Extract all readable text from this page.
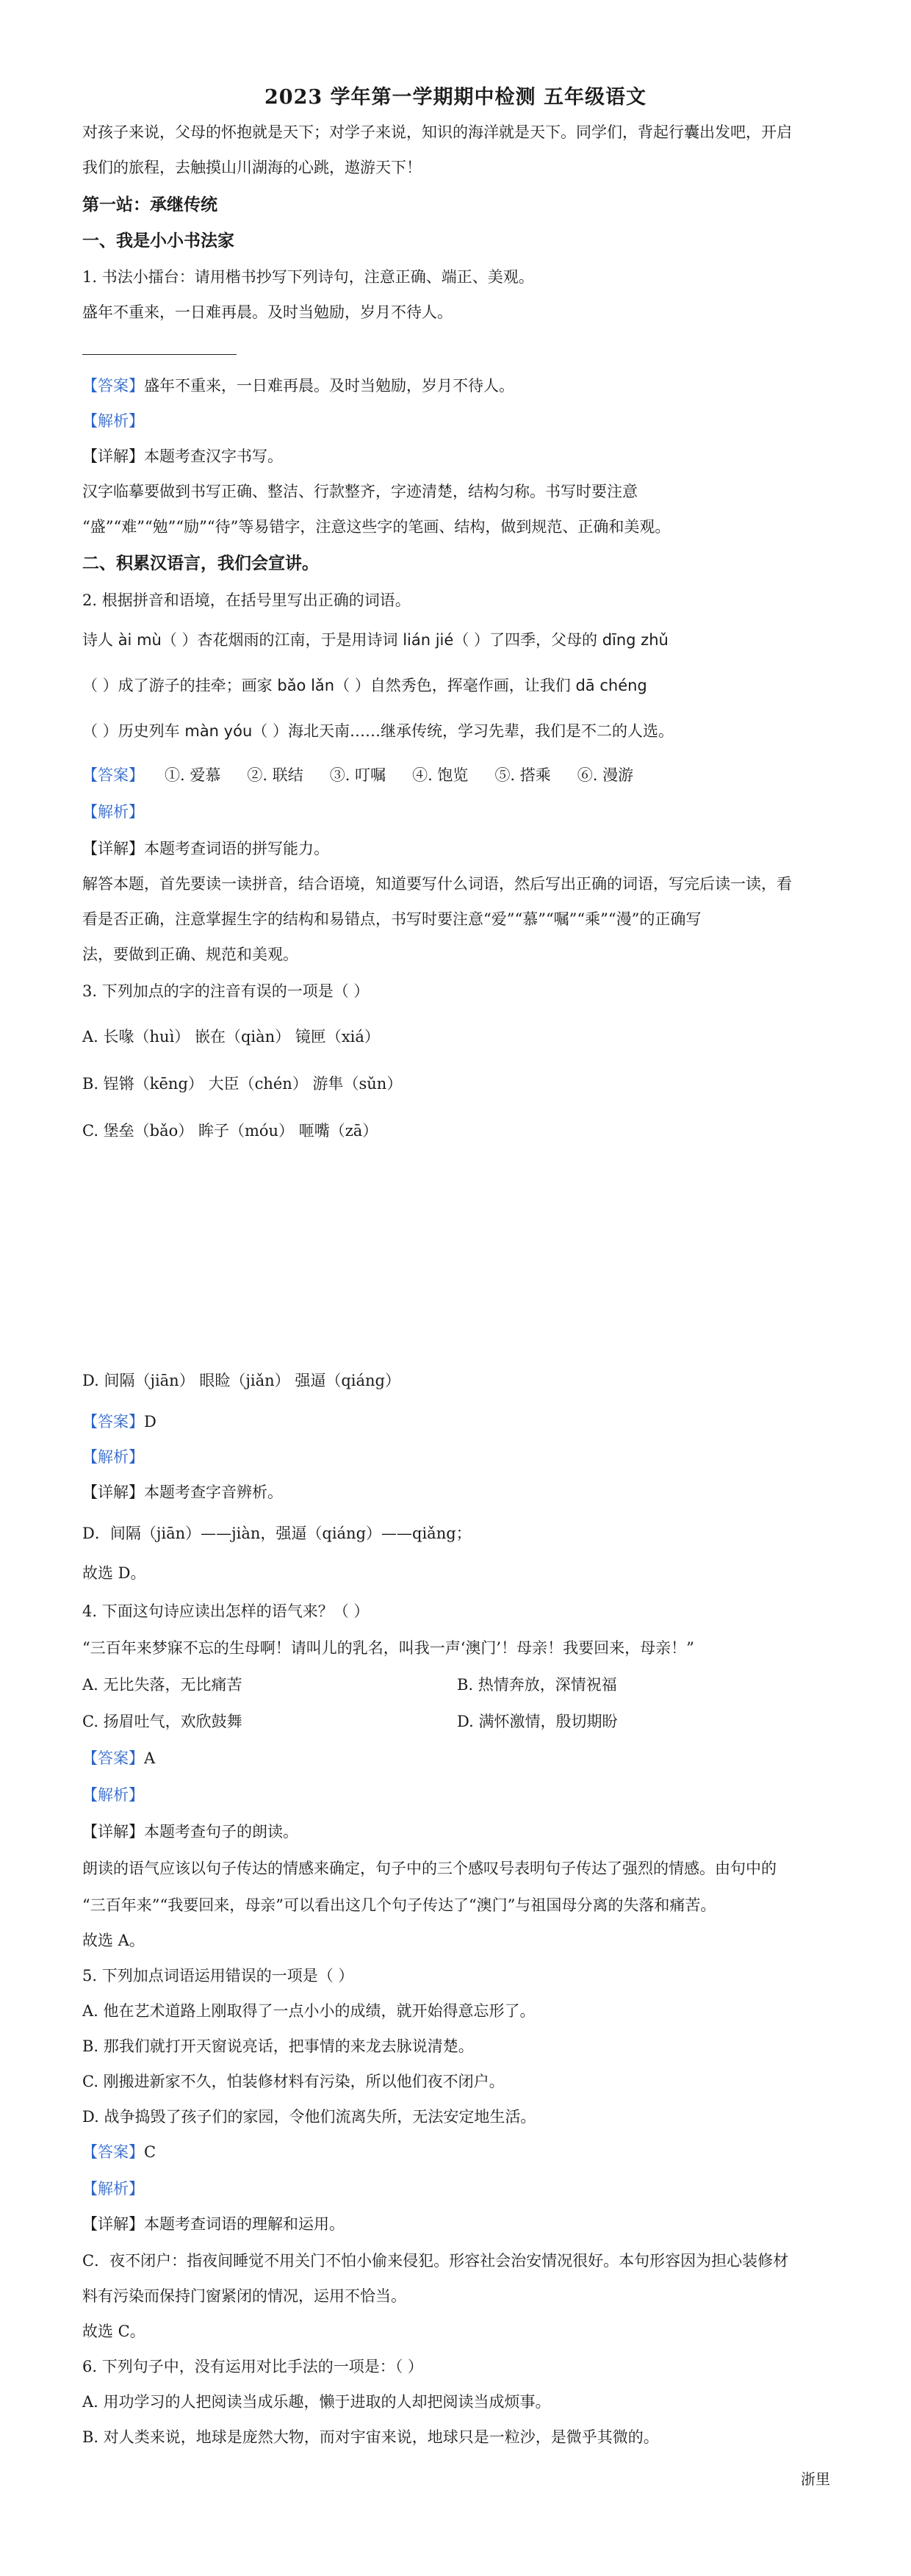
2023 学年第一学期期中检测 五年级语文
对孩子来说，父母的怀抱就是天下；对学子来说，知识的海洋就是天下。同学们，背起行囊出发吧，开启
我们的旅程，去触摸山川湖海的心跳，遨游天下！
第一站：承继传统
一、我是小小书法家
1. 书法小擂台：请用楷书抄写下列诗句，注意正确、端正、美观。
盛年不重来，一日难再晨。及时当勉励，岁月不待人。
【答案】盛年不重来，一日难再晨。及时当勉励，岁月不待人。
【解析】
【详解】本题考查汉字书写。
汉字临摹要做到书写正确、整洁、行款整齐，字迹清楚，结构匀称。书写时要注意
“盛”“难”“勉”“励”“待”等易错字，注意这些字的笔画、结构，做到规范、正确和美观。
二、积累汉语言，我们会宣讲。
2. 根据拼音和语境，在括号里写出正确的词语。
诗人 ài mù（ ）杏花烟雨的江南，于是用诗词 lián jié（ ）了四季，父母的 dīng zhǔ
（ ）成了游子的挂牵；画家 bǎo lǎn（ ）自然秀色，挥毫作画，让我们 dā chéng
（ ）历史列车 màn yóu（ ）海北天南……继承传统，学习先辈，我们是不二的人选。
【答案】 ①. 爱慕 ②. 联结 ③. 叮嘱 ④. 饱览 ⑤. 搭乘 ⑥. 漫游
【解析】
【详解】本题考查词语的拼写能力。
解答本题，首先要读一读拼音，结合语境，知道要写什么词语，然后写出正确的词语，写完后读一读，看
看是否正确，注意掌握生字的结构和易错点，书写时要注意“爱”“慕”“嘱”“乘”“漫”的正确写
法，要做到正确、规范和美观。
3. 下列加点的字的注音有误的一项是（ ）
A. 长喙（huì） 嵌在（qiàn） 镜匣（xiá）
B. 锃锵（kēng） 大臣（chén） 游隼（sǔn）
C. 堡垒（bǎo） 眸子（móu） 咂嘴（zā）
D. 间隔（jiān） 眼睑（jiǎn） 强逼（qiáng）
【答案】D
【解析】
【详解】本题考查字音辨析。
D．间隔（jiān）——jiàn，强逼（qiáng）——qiǎng；
故选 D。
4. 下面这句诗应读出怎样的语气来？（ ）
“三百年来梦寐不忘的生母啊！请叫儿的乳名，叫我一声‘澳门’！母亲！我要回来，母亲！”
A. 无比失落，无比痛苦	B. 热情奔放，深情祝福
C. 扬眉吐气，欢欣鼓舞	D. 满怀激情，殷切期盼
【答案】A
【解析】
【详解】本题考查句子的朗读。
朗读的语气应该以句子传达的情感来确定，句子中的三个感叹号表明句子传达了强烈的情感。由句中的
“三百年来”“我要回来，母亲”可以看出这几个句子传达了“澳门”与祖国母分离的失落和痛苦。
故选 A。
5. 下列加点词语运用错误的一项是（ ）
A. 他在艺术道路上刚取得了一点小小的成绩，就开始得意忘形了。
B. 那我们就打开天窗说亮话，把事情的来龙去脉说清楚。
C. 刚搬进新家不久，怕装修材料有污染，所以他们夜不闭户。
D. 战争捣毁了孩子们的家园，令他们流离失所，无法安定地生活。
【答案】C
【解析】
【详解】本题考查词语的理解和运用。
C．夜不闭户：指夜间睡觉不用关门不怕小偷来侵犯。形容社会治安情况很好。本句形容因为担心装修材
料有污染而保持门窗紧闭的情况，运用不恰当。
故选 C。
6. 下列句子中，没有运用对比手法的一项是：（ ）
A. 用功学习的人把阅读当成乐趣，懒于进取的人却把阅读当成烦事。
B. 对人类来说，地球是庞然大物，而对宇宙来说，地球只是一粒沙，是微乎其微的。
浙里
